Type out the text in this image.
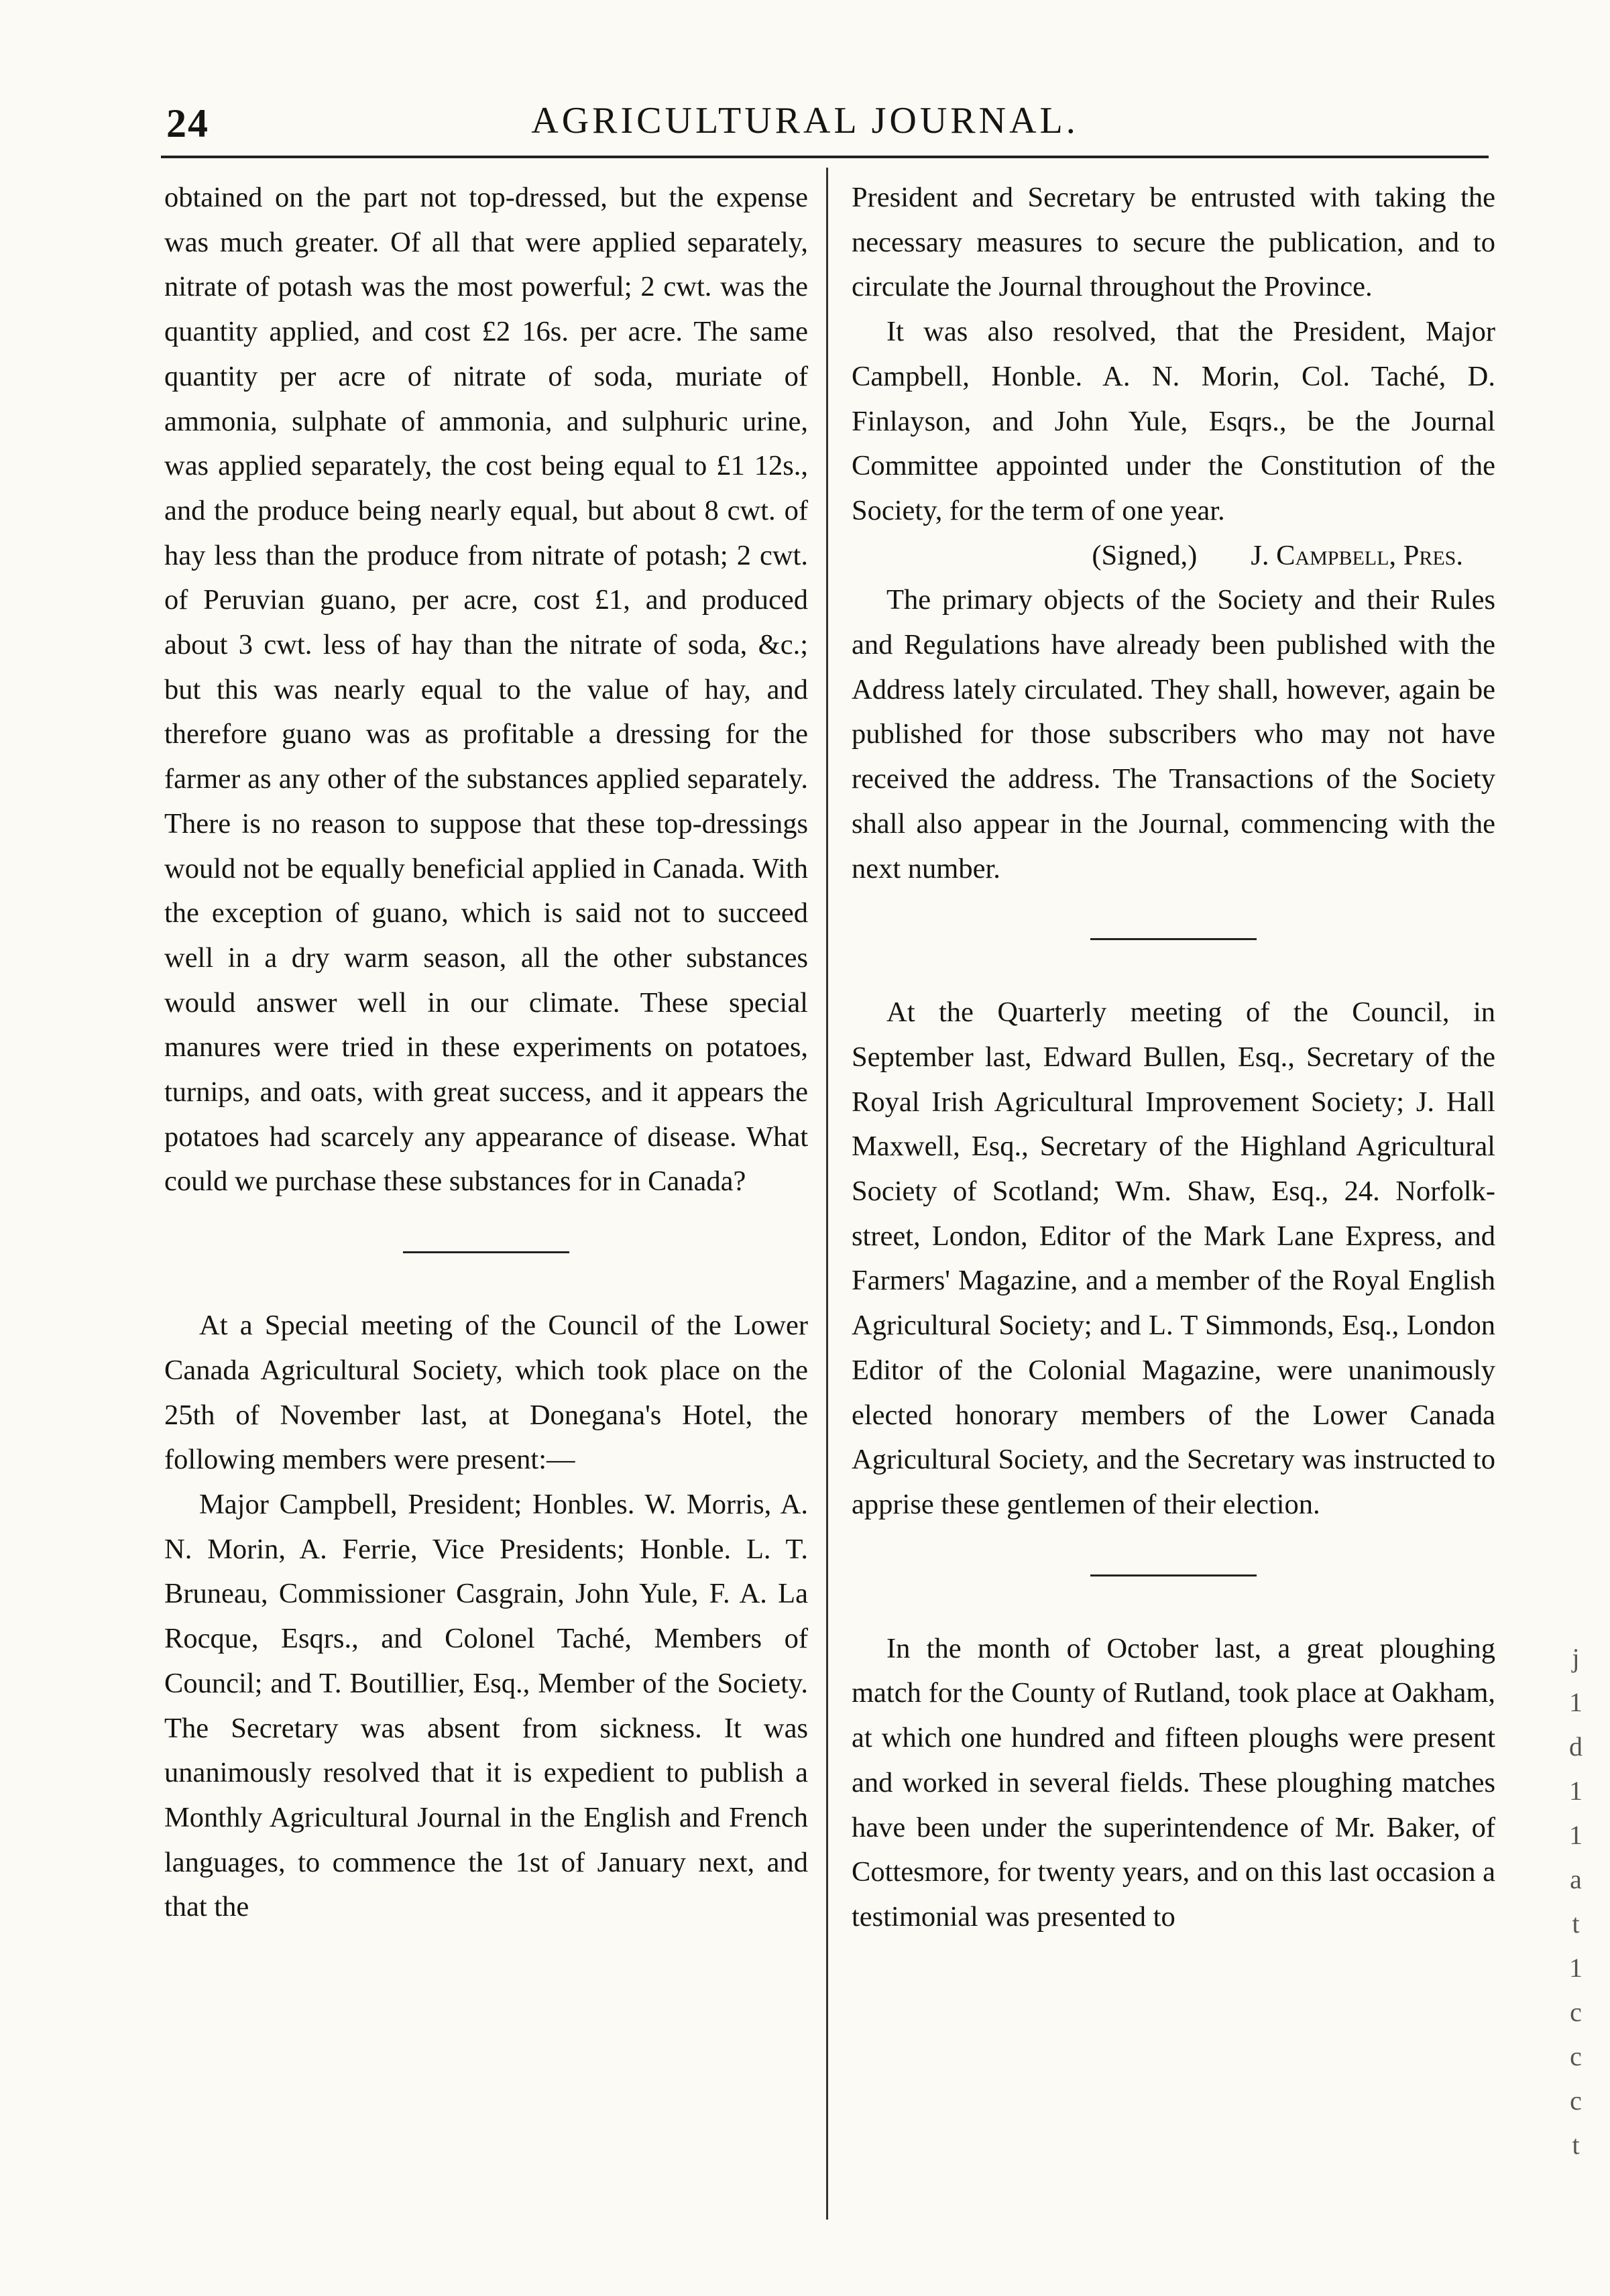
24	AGRICULTURAL JOURNAL.

obtained on the part not top-dressed, but the expense was much greater. Of all that were applied separately, nitrate of potash was the most powerful; 2 cwt. was the quantity applied, and cost £2 16s. per acre. The same quantity per acre of nitrate of soda, muriate of ammonia, sulphate of ammonia, and sulphuric urine, was applied separately, the cost being equal to £1 12s., and the produce being nearly equal, but about 8 cwt. of hay less than the produce from nitrate of potash; 2 cwt. of Peruvian guano, per acre, cost £1, and produced about 3 cwt. less of hay than the nitrate of soda, &c.; but this was nearly equal to the value of hay, and therefore guano was as profitable a dressing for the farmer as any other of the substances applied separately. There is no reason to suppose that these top-dressings would not be equally beneficial applied in Canada. With the exception of guano, which is said not to succeed well in a dry warm season, all the other substances would answer well in our climate. These special manures were tried in these experiments on potatoes, turnips, and oats, with great success, and it appears the potatoes had scarcely any appearance of disease. What could we purchase these substances for in Canada?

At a Special meeting of the Council of the Lower Canada Agricultural Society, which took place on the 25th of November last, at Donegana's Hotel, the following members were present:—

Major Campbell, President; Honbles. W. Morris, A. N. Morin, A. Ferrie, Vice Presidents; Honble. L. T. Bruneau, Commissioner Casgrain, John Yule, F. A. La Rocque, Esqrs., and Colonel Taché, Members of Council; and T. Boutillier, Esq., Member of the Society. The Secretary was absent from sickness. It was unanimously resolved that it is expedient to publish a Monthly Agricultural Journal in the English and French languages, to commence the 1st of January next, and that the

President and Secretary be entrusted with taking the necessary measures to secure the publication, and to circulate the Journal throughout the Province.

It was also resolved, that the President, Major Campbell, Honble. A. N. Morin, Col. Taché, D. Finlayson, and John Yule, Esqrs., be the Journal Committee appointed under the Constitution of the Society, for the term of one year.

(Signed,) J. Campbell, Pres.

The primary objects of the Society and their Rules and Regulations have already been published with the Address lately circulated. They shall, however, again be published for those subscribers who may not have received the address. The Transactions of the Society shall also appear in the Journal, commencing with the next number.

At the Quarterly meeting of the Council, in September last, Edward Bullen, Esq., Secretary of the Royal Irish Agricultural Improvement Society; J. Hall Maxwell, Esq., Secretary of the Highland Agricultural Society of Scotland; Wm. Shaw, Esq., 24. Norfolk-street, London, Editor of the Mark Lane Express, and Farmers' Magazine, and a member of the Royal English Agricultural Society; and L. T Simmonds, Esq., London Editor of the Colonial Magazine, were unanimously elected honorary members of the Lower Canada Agricultural Society, and the Secretary was instructed to apprise these gentlemen of their election.

In the month of October last, a great ploughing match for the County of Rutland, took place at Oakham, at which one hundred and fifteen ploughs were present and worked in several fields. These ploughing matches have been under the superintendence of Mr. Baker, of Cottesmore, for twenty years, and on this last occasion a testimonial was presented to

j
1
d
1
1
a
t
1
c
c
c
t
